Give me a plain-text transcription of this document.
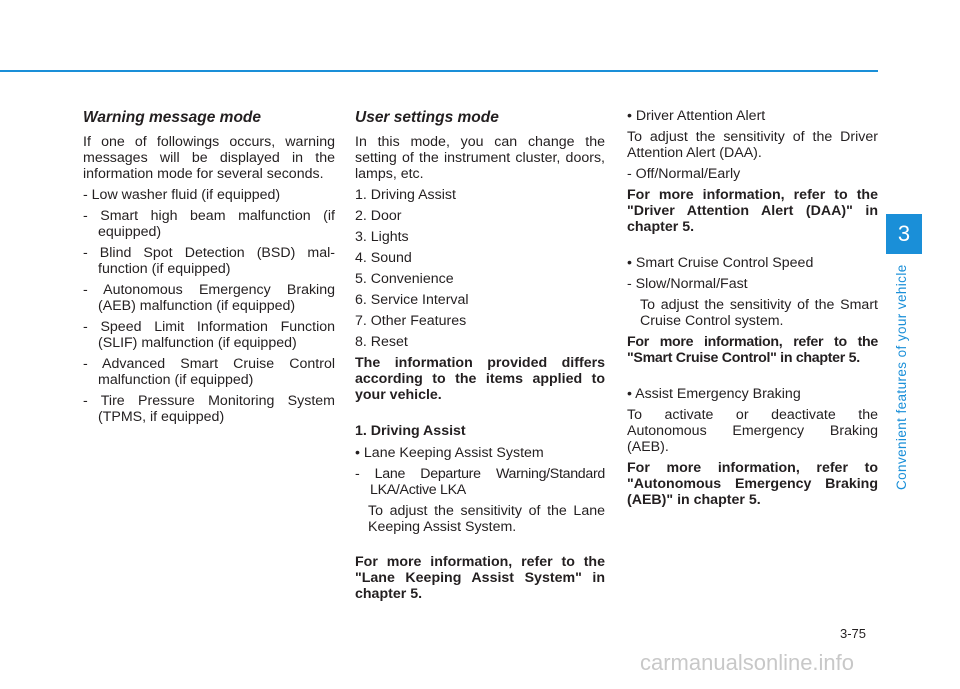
Warning message mode
If one of followings occurs, warning messages will be displayed in the information mode for several seconds.
- Low washer fluid (if equipped)
- Smart high beam malfunction (if equipped)
- Blind Spot Detection (BSD) mal- function (if equipped)
- Autonomous Emergency Braking (AEB) malfunction (if equipped)
- Speed Limit Information Function (SLIF) malfunction (if equipped)
- Advanced Smart Cruise Control malfunction (if equipped)
- Tire Pressure Monitoring System (TPMS, if equipped)
User settings mode
In this mode, you can change the setting of the instrument cluster, doors, lamps, etc.
1. Driving Assist
2. Door
3. Lights
4. Sound
5. Convenience
6. Service Interval
7. Other Features
8. Reset
The information provided differs according to the items applied to your vehicle.
1. Driving Assist
• Lane Keeping Assist System
- Lane Departure Warning/Standard LKA/Active LKA
To adjust the sensitivity of the Lane Keeping Assist System.
For more information, refer to the "Lane Keeping Assist System" in chapter 5.
• Driver Attention Alert
To adjust the sensitivity of the Driver Attention Alert (DAA).
- Off/Normal/Early
For more information, refer to the "Driver Attention Alert (DAA)" in chapter 5.
• Smart Cruise Control Speed
- Slow/Normal/Fast
To adjust the sensitivity of the Smart Cruise Control system.
For more information, refer to the "Smart Cruise Control" in chapter 5.
• Assist Emergency Braking
To activate or deactivate the Autonomous Emergency Braking (AEB).
For more information, refer to "Autonomous Emergency Braking (AEB)" in chapter 5.
3
Convenient features of your vehicle
3-75
carmanualsonline.info
